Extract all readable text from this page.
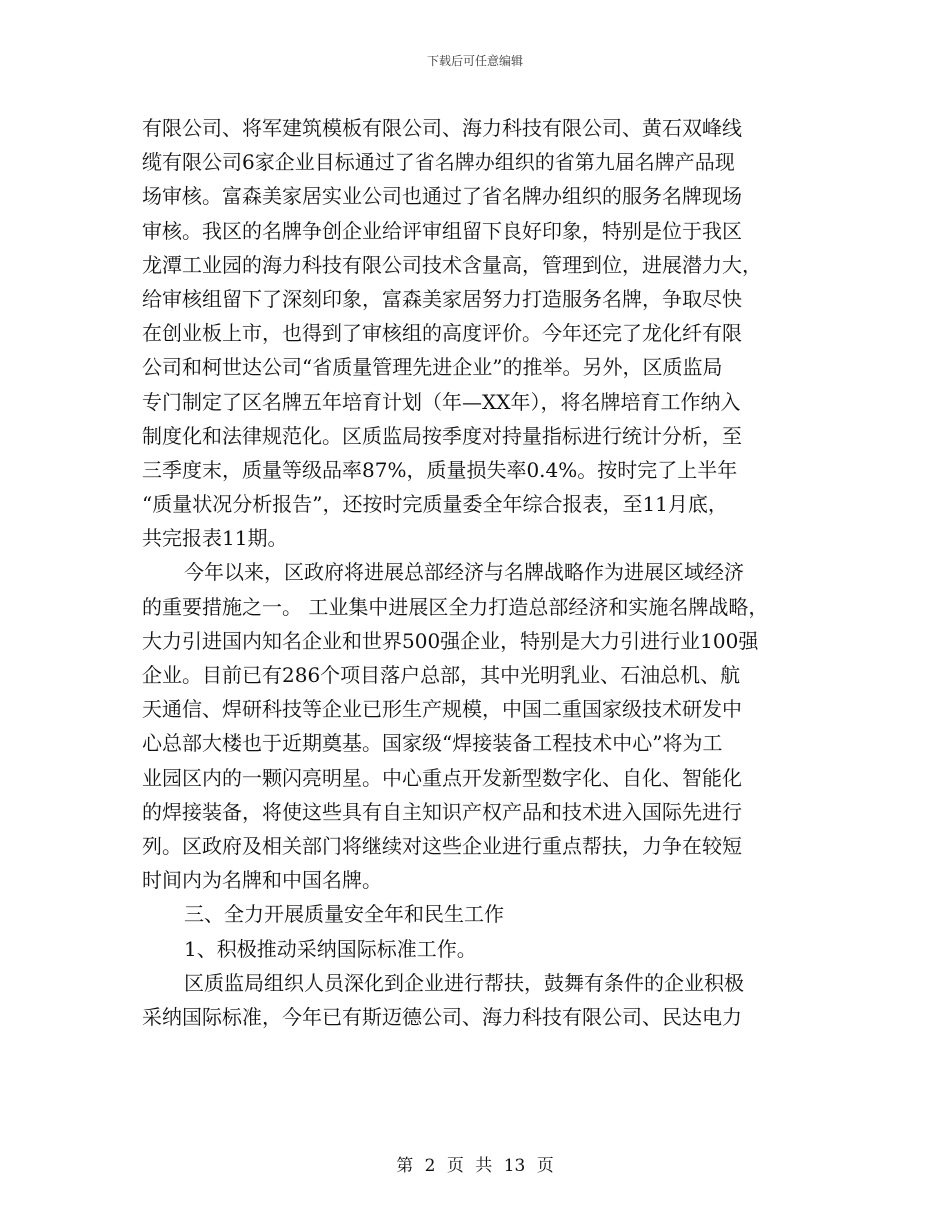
下载后可任意编辑
有限公司、将军建筑模板有限公司、海力科技有限公司、黄石双峰线
缆有限公司6家企业目标通过了省名牌办组织的省第九届名牌产品现
场审核。富森美家居实业公司也通过了省名牌办组织的服务名牌现场
审核。我区的名牌争创企业给评审组留下良好印象，特别是位于我区
龙潭工业园的海力科技有限公司技术含量高，管理到位，进展潜力大，
给审核组留下了深刻印象，富森美家居努力打造服务名牌，争取尽快
在创业板上市，也得到了审核组的高度评价。今年还完了龙化纤有限
公司和柯世达公司“省质量管理先进企业”的推举。另外，区质监局
专门制定了区名牌五年培育计划（年—XX年），将名牌培育工作纳入
制度化和法律规范化。区质监局按季度对持量指标进行统计分析，至
三季度末，质量等级品率87%，质量损失率0.4%。按时完了上半年
“质量状况分析报告”，还按时完质量委全年综合报表，至11月底，
共完报表11期。
今年以来，区政府将进展总部经济与名牌战略作为进展区域经济
的重要措施之一。 工业集中进展区全力打造总部经济和实施名牌战略，
大力引进国内知名企业和世界500强企业，特别是大力引进行业100强
企业。目前已有286个项目落户总部，其中光明乳业、石油总机、航
天通信、焊研科技等企业已形生产规模，中国二重国家级技术研发中
心总部大楼也于近期奠基。国家级“焊接装备工程技术中心”将为工
业园区内的一颗闪亮明星。中心重点开发新型数字化、自化、智能化
的焊接装备，将使这些具有自主知识产权产品和技术进入国际先进行
列。区政府及相关部门将继续对这些企业进行重点帮扶，力争在较短
时间内为名牌和中国名牌。
三、全力开展质量安全年和民生工作
1、积极推动采纳国际标准工作。
区质监局组织人员深化到企业进行帮扶，鼓舞有条件的企业积极
采纳国际标准，今年已有斯迈德公司、海力科技有限公司、民达电力
第 2 页 共 13 页
